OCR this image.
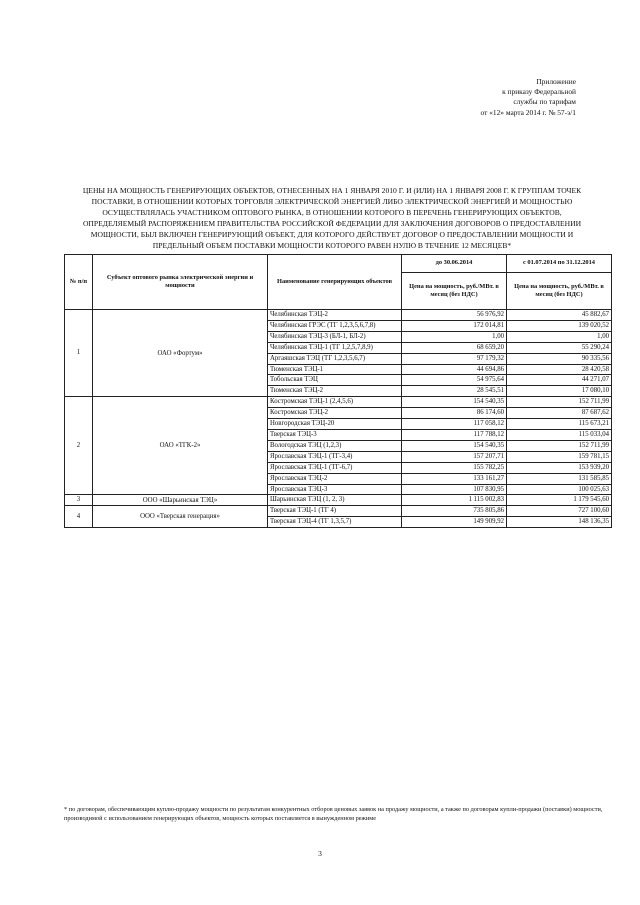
Приложение
к приказу Федеральной
службы по тарифам
от «12» марта 2014 г. № 57-э/1
ЦЕНЫ НА МОЩНОСТЬ ГЕНЕРИРУЮЩИХ ОБЪЕКТОВ, ОТНЕСЕННЫХ НА 1 ЯНВАРЯ 2010 Г. И (ИЛИ) НА 1 ЯНВАРЯ 2008 Г. К ГРУППАМ ТОЧЕК
ПОСТАВКИ, В ОТНОШЕНИИ КОТОРЫХ ТОРГОВЛЯ ЭЛЕКТРИЧЕСКОЙ ЭНЕРГИЕЙ ЛИБО ЭЛЕКТРИЧЕСКОЙ ЭНЕРГИЕЙ И МОЩНОСТЬЮ
ОСУЩЕСТВЛЯЛАСЬ УЧАСТНИКОМ ОПТОВОГО РЫНКА, В ОТНОШЕНИИ КОТОРОГО В ПЕРЕЧЕНЬ ГЕНЕРИРУЮЩИХ ОБЪЕКТОВ,
ОПРЕДЕЛЯЕМЫЙ РАСПОРЯЖЕНИЕМ ПРАВИТЕЛЬСТВА РОССИЙСКОЙ ФЕДЕРАЦИИ ДЛЯ ЗАКЛЮЧЕНИЯ ДОГОВОРОВ О ПРЕДОСТАВЛЕНИИ
МОЩНОСТИ, БЫЛ ВКЛЮЧЕН ГЕНЕРИРУЮЩИЙ ОБЪЕКТ, ДЛЯ КОТОРОГО ДЕЙСТВУЕТ ДОГОВОР О ПРЕДОСТАВЛЕНИИ МОЩНОСТИ И
ПРЕДЕЛЬНЫЙ ОБЪЕМ ПОСТАВКИ МОЩНОСТИ КОТОРОГО РАВЕН НУЛЮ В ТЕЧЕНИЕ 12 МЕСЯЦЕВ*
№ п/п	Субъект оптового рынка электрической энергии и мощности	Наименование генерирующих объектов	до 30.06.2014	с 01.07.2014 по 31.12.2014
			Цена на мощность, руб./МВт. в месяц (без НДС)	Цена на мощность, руб./МВт. в месяц (без НДС)
1	ОАО «Фортум»	Челябинская ТЭЦ-2	56 976,92	45 882,67
		Челябинская ГРЭС (ТГ 1,2,3,5,6,7,8)	172 014,81	139 020,52
		Челябинская ТЭЦ-3 (БЛ-1, БЛ-2)	1,00	1,00
		Челябинская ТЭЦ-1 (ТГ 1,2,5,7,8,9)	68 659,20	55 290,24
		Аргаяшская ТЭЦ (ТГ 1,2,3,5,6,7)	97 179,32	90 335,56
		Тюменская ТЭЦ-1	44 694,86	28 420,58
		Тобольская ТЭЦ	54 975,64	44 271,07
		Тюменская ТЭЦ-2	28 545,51	17 080,10
2	ОАО «ТГК-2»	Костромская ТЭЦ-1 (2,4,5,6)	154 540,35	152 711,99
		Костромская ТЭЦ-2	86 174,60	87 687,62
		Новгородская ТЭЦ-20	117 058,12	115 673,21
		Тверская ТЭЦ-3	117 788,12	115 033,04
		Вологодская ТЭЦ (1,2,3)	154 540,35	152 711,99
		Ярославская ТЭЦ-1 (ТГ-3,4)	157 207,71	159 781,15
		Ярославская ТЭЦ-1 (ТГ-6,7)	155 782,25	153 939,20
		Ярославская ТЭЦ-2	133 161,27	131 585,85
		Ярославская ТЭЦ-3	107 830,95	100 025,63
3	ООО «Шарьинская ТЭЦ»	Шарьинская ТЭЦ (1, 2, 3)	1 115 002,83	1 179 545,60
4	ООО «Тверская генерация»	Тверская ТЭЦ-1 (ТГ 4)	735 805,86	727 100,60
		Тверская ТЭЦ-4 (ТГ 1,3,5,7)	149 909,92	148 136,35
* по договорам, обеспечивающим куплю-продажу мощности по результатам конкурентных отборов ценовых заявок на продажу мощности, а также по договорам купли-продажи (поставки) мощности, производимой с использованием генерирующих объектов, мощность которых поставляется в вынужденном режиме
3
